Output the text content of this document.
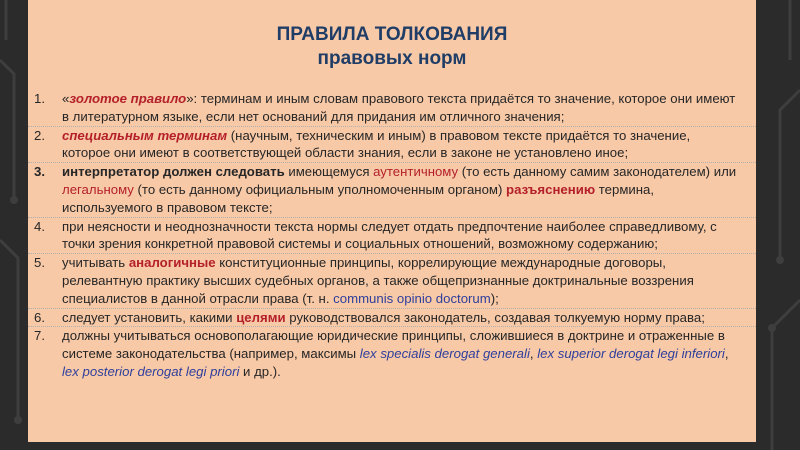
ПРАВИЛА ТОЛКОВАНИЯ
правовых норм
1. «золотое правило»: терминам и иным словам правового текста придаётся то значение, которое они имеют в литературном языке, если нет оснований для придания им отличного значения;
2. специальным терминам (научным, техническим и иным) в правовом тексте придаётся то значение, которое они имеют в соответствующей области знания, если в законе не установлено иное;
3. интерпретатор должен следовать имеющемуся аутентичному (то есть данному самим законодателем) или легальному (то есть данному официальным уполномоченным органом) разъяснению термина, используемого в правовом тексте;
4. при неясности и неоднозначности текста нормы следует отдать предпочтение наиболее справедливому, с точки зрения конкретной правовой системы и социальных отношений, возможному содержанию;
5. учитывать аналогичные конституционные принципы, коррелирующие международные договоры, релевантную практику высших судебных органов, а также общепризнанные доктринальные воззрения специалистов в данной отрасли права (т. н. communis opinio doctorum);
6. следует установить, какими целями руководствовался законодатель, создавая толкуемую норму права;
7. должны учитываться основополагающие юридические принципы, сложившиеся в доктрине и отраженные в системе законодательства (например, максимы lex specialis derogat generali, lex superior derogat legi inferiori, lex posterior derogat legi priori и др.).
